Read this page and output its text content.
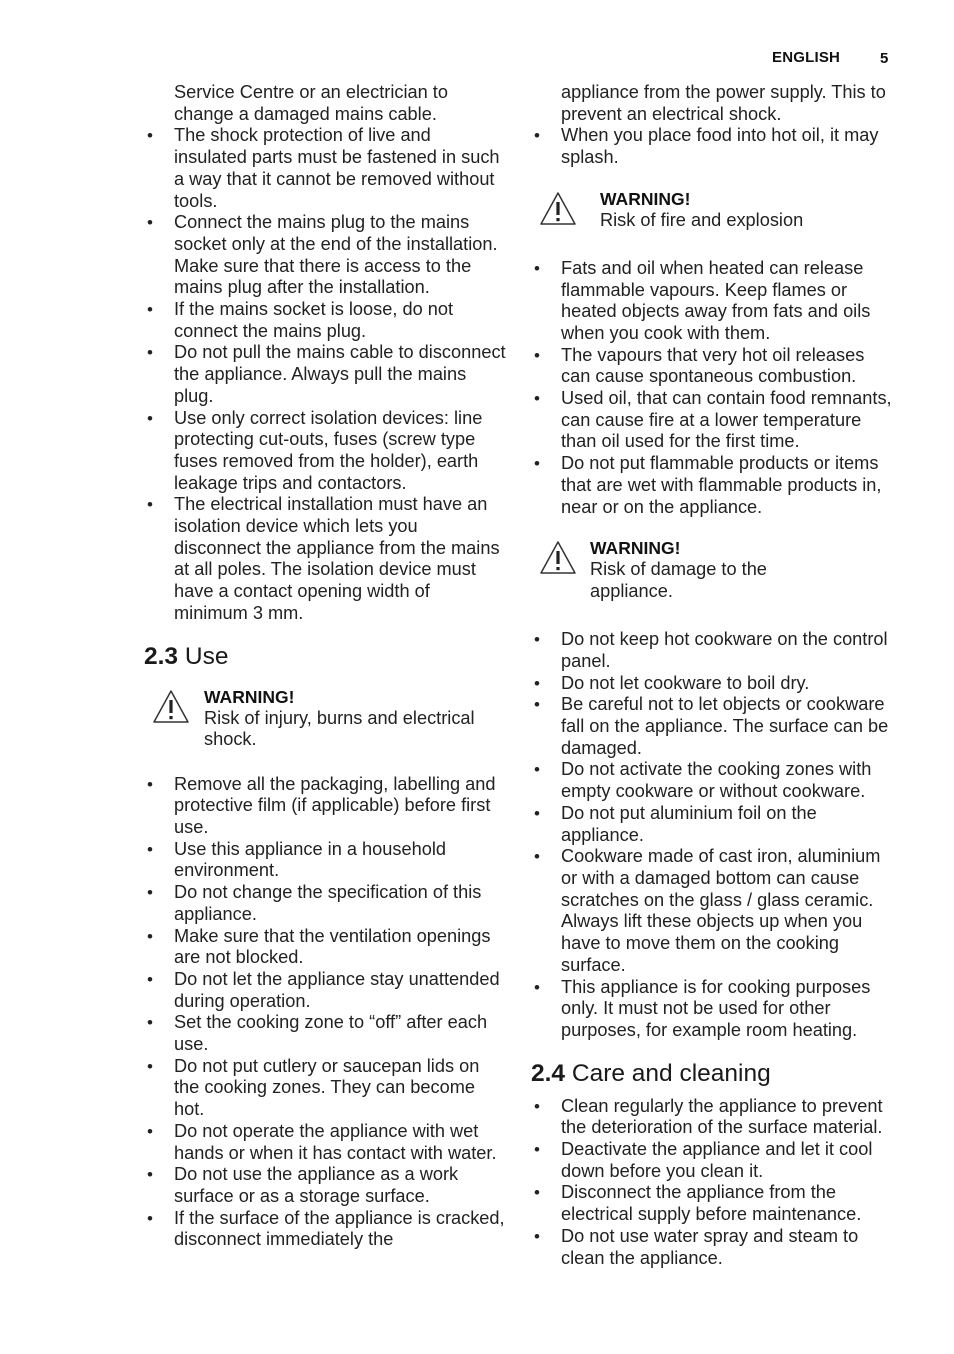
ENGLISH	5
Service Centre or an electrician to change a damaged mains cable.
• The shock protection of live and insulated parts must be fastened in such a way that it cannot be removed without tools.
• Connect the mains plug to the mains socket only at the end of the installation. Make sure that there is access to the mains plug after the installation.
• If the mains socket is loose, do not connect the mains plug.
• Do not pull the mains cable to disconnect the appliance. Always pull the mains plug.
• Use only correct isolation devices: line protecting cut-outs, fuses (screw type fuses removed from the holder), earth leakage trips and contactors.
• The electrical installation must have an isolation device which lets you disconnect the appliance from the mains at all poles. The isolation device must have a contact opening width of minimum 3 mm.
2.3 Use
WARNING!
Risk of injury, burns and electrical shock.
• Remove all the packaging, labelling and protective film (if applicable) before first use.
• Use this appliance in a household environment.
• Do not change the specification of this appliance.
• Make sure that the ventilation openings are not blocked.
• Do not let the appliance stay unattended during operation.
• Set the cooking zone to “off” after each use.
• Do not put cutlery or saucepan lids on the cooking zones. They can become hot.
• Do not operate the appliance with wet hands or when it has contact with water.
• Do not use the appliance as a work surface or as a storage surface.
• If the surface of the appliance is cracked, disconnect immediately the
appliance from the power supply. This to prevent an electrical shock.
• When you place food into hot oil, it may splash.
WARNING!
Risk of fire and explosion
• Fats and oil when heated can release flammable vapours. Keep flames or heated objects away from fats and oils when you cook with them.
• The vapours that very hot oil releases can cause spontaneous combustion.
• Used oil, that can contain food remnants, can cause fire at a lower temperature than oil used for the first time.
• Do not put flammable products or items that are wet with flammable products in, near or on the appliance.
WARNING!
Risk of damage to the appliance.
• Do not keep hot cookware on the control panel.
• Do not let cookware to boil dry.
• Be careful not to let objects or cookware fall on the appliance. The surface can be damaged.
• Do not activate the cooking zones with empty cookware or without cookware.
• Do not put aluminium foil on the appliance.
• Cookware made of cast iron, aluminium or with a damaged bottom can cause scratches on the glass / glass ceramic. Always lift these objects up when you have to move them on the cooking surface.
• This appliance is for cooking purposes only. It must not be used for other purposes, for example room heating.
2.4 Care and cleaning
• Clean regularly the appliance to prevent the deterioration of the surface material.
• Deactivate the appliance and let it cool down before you clean it.
• Disconnect the appliance from the electrical supply before maintenance.
• Do not use water spray and steam to clean the appliance.
